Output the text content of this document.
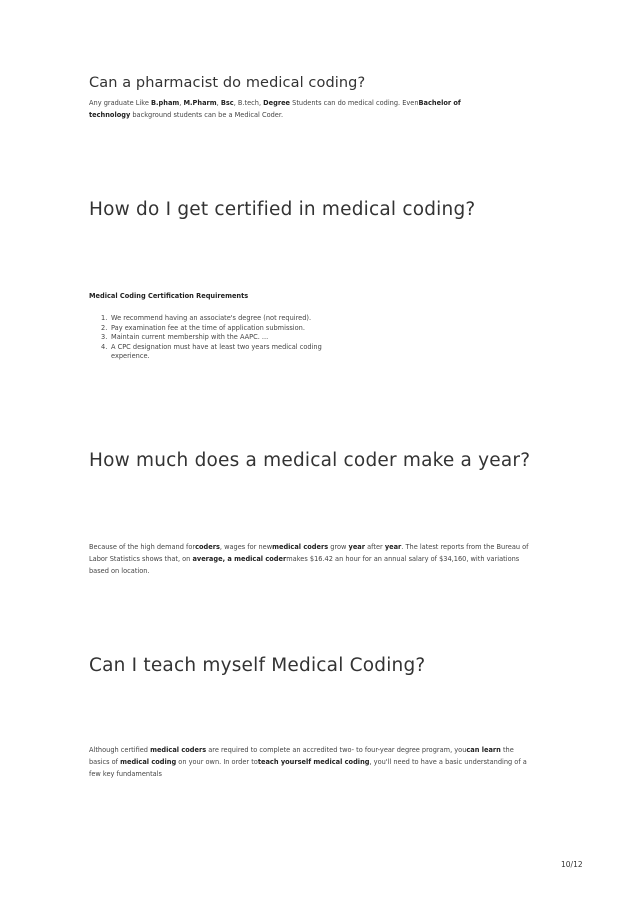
Can a pharmacist do medical coding?

Any graduate Like B.pham, M.Pharm, Bsc, B.tech, Degree Students can do medical coding. EvenBachelor of
technology background students can be a Medical Coder.

How do I get certified in medical coding?

Medical Coding Certification Requirements

1. We recommend having an associate's degree (not required).
2. Pay examination fee at the time of application submission.
3. Maintain current membership with the AAPC. ...
4. A CPC designation must have at least two years medical coding
experience.
How much does a medical coder make a year?

Because of the high demand forcoders, wages for newmedical coders grow year after year. The latest reports from the Bureau of
Labor Statistics shows that, on average, a medical codermakes $16.42 an hour for an annual salary of $34,160, with variations
based on location.

Can I teach myself Medical Coding?

Although certified medical coders are required to complete an accredited two- to four-year degree program, youcan learn the
basics of medical coding on your own. In order toteach yourself medical coding, you'll need to have a basic understanding of a
few key fundamentals

10/12
